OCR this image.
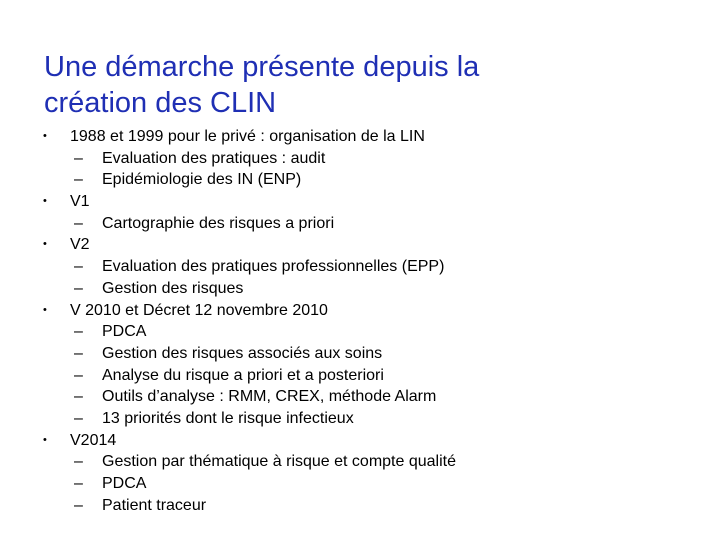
Une démarche présente depuis la
création des CLIN
• 1988 et 1999 pour le privé : organisation de la LIN
– Evaluation des pratiques : audit
– Epidémiologie des IN (ENP)
• V1
– Cartographie des risques a priori
• V2
– Evaluation des pratiques professionnelles (EPP)
– Gestion des risques
• V 2010 et Décret 12 novembre 2010
– PDCA
– Gestion des risques associés aux soins
– Analyse du risque a priori et a posteriori
– Outils d’analyse : RMM, CREX, méthode Alarm
– 13 priorités dont le risque infectieux
• V2014
– Gestion par thématique à risque et compte qualité
– PDCA
– Patient traceur
